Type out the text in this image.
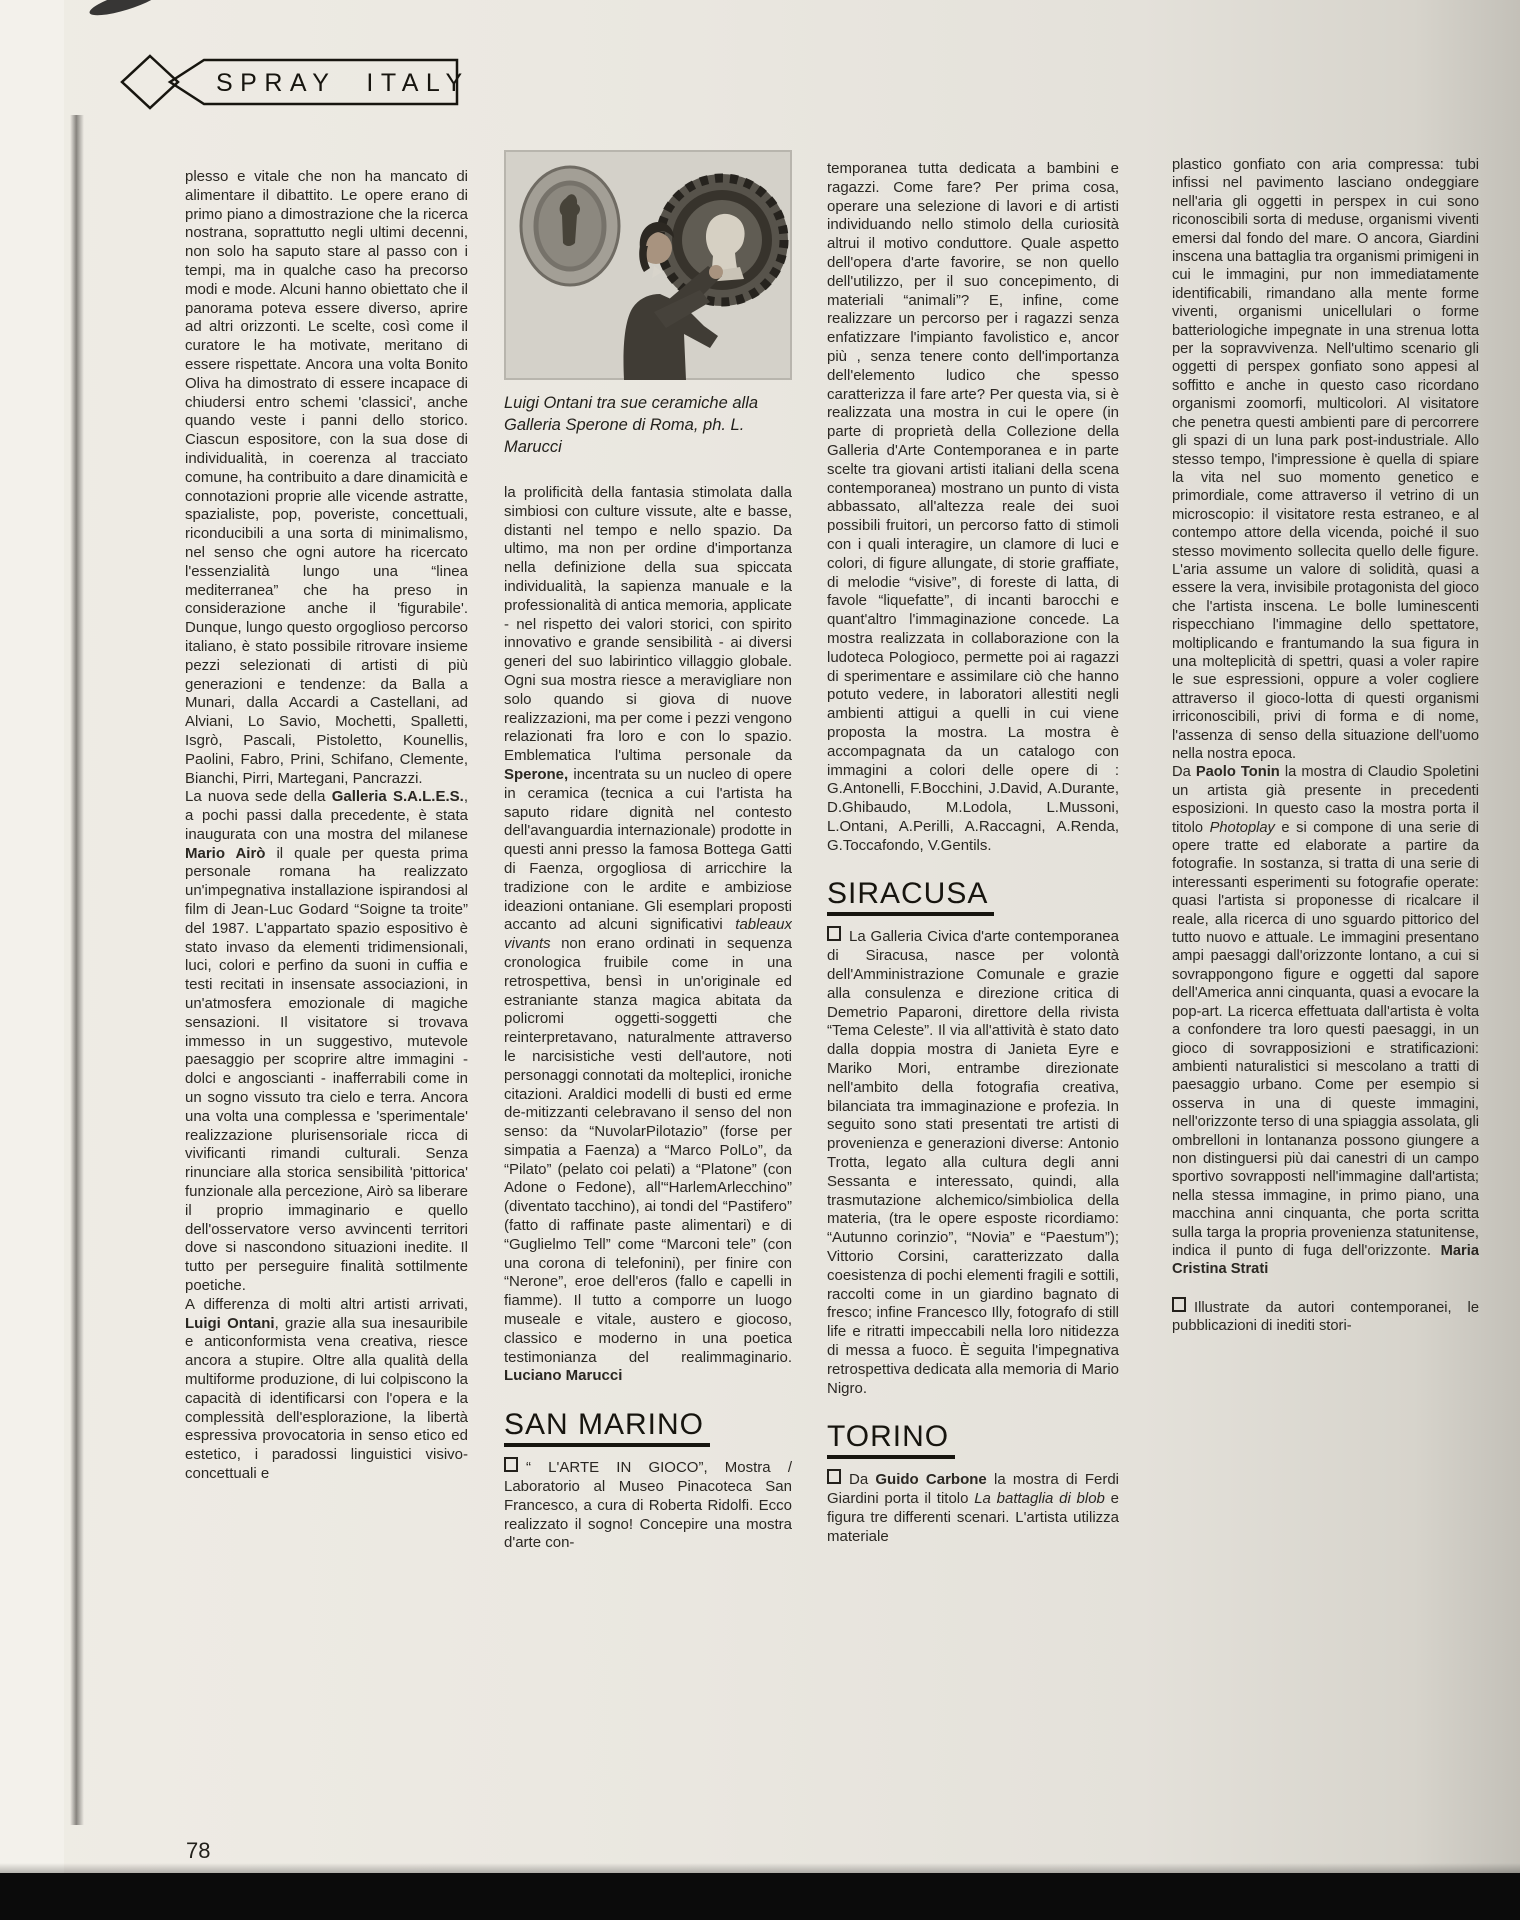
SPRAY ITALY

plesso e vitale che non ha mancato di alimentare il dibattito. Le opere erano di primo piano a dimostrazione che la ricerca nostrana, soprattutto negli ultimi decenni, non solo ha saputo stare al passo con i tempi, ma in qualche caso ha precorso modi e mode. Alcuni hanno obiettato che il panorama poteva essere diverso, aprire ad altri orizzonti. Le scelte, così come il curatore le ha motivate, meritano di essere rispettate. Ancora una volta Bonito Oliva ha dimostrato di essere incapace di chiudersi entro schemi 'classici', anche quando veste i panni dello storico. Ciascun espositore, con la sua dose di individualità, in coerenza al tracciato comune, ha contribuito a dare dinamicità e connotazioni proprie alle vicende astratte, spazialiste, pop, poveriste, concettuali, riconducibili a una sorta di minimalismo, nel senso che ogni autore ha ricercato l'essenzialità lungo una “linea mediterranea” che ha preso in considerazione anche il 'figurabile'. Dunque, lungo questo orgoglioso percorso italiano, è stato possibile ritrovare insieme pezzi selezionati di artisti di più generazioni e tendenze: da Balla a Munari, dalla Accardi a Castellani, ad Alviani, Lo Savio, Mochetti, Spalletti, Isgrò, Pascali, Pistoletto, Kounellis, Paolini, Fabro, Prini, Schifano, Clemente, Bianchi, Pirri, Martegani, Pancrazzi.

La nuova sede della Galleria S.A.L.E.S., a pochi passi dalla precedente, è stata inaugurata con una mostra del milanese Mario Airò il quale per questa prima personale romana ha realizzato un'impegnativa installazione ispirandosi al film di Jean-Luc Godard “Soigne ta troite” del 1987. L'appartato spazio espositivo è stato invaso da elementi tridimensionali, luci, colori e perfino da suoni in cuffia e testi recitati in insensate associazioni, in un'atmosfera emozionale di magiche sensazioni. Il visitatore si trovava immesso in un suggestivo, mutevole paesaggio per scoprire altre immagini - dolci e angoscianti - inafferrabili come in un sogno vissuto tra cielo e terra. Ancora una volta una complessa e 'sperimentale' realizzazione plurisensoriale ricca di vivificanti rimandi culturali. Senza rinunciare alla storica sensibilità 'pittorica' funzionale alla percezione, Airò sa liberare il proprio immaginario e quello dell'osservatore verso avvincenti territori dove si nascondono situazioni inedite. Il tutto per perseguire finalità sottilmente poetiche.

A differenza di molti altri artisti arrivati, Luigi Ontani, grazie alla sua inesauribile e anticonformista vena creativa, riesce ancora a stupire. Oltre alla qualità della multiforme produzione, di lui colpiscono la capacità di identificarsi con l'opera e la complessità dell'esplorazione, la libertà espressiva provocatoria in senso etico ed estetico, i paradossi linguistici visivo-concettuali e

Luigi Ontani tra sue ceramiche alla Galleria Sperone di Roma, ph. L. Marucci

la prolificità della fantasia stimolata dalla simbiosi con culture vissute, alte e basse, distanti nel tempo e nello spazio. Da ultimo, ma non per ordine d'importanza nella definizione della sua spiccata individualità, la sapienza manuale e la professionalità di antica memoria, applicate - nel rispetto dei valori storici, con spirito innovativo e grande sensibilità - ai diversi generi del suo labirintico villaggio globale. Ogni sua mostra riesce a meravigliare non solo quando si giova di nuove realizzazioni, ma per come i pezzi vengono relazionati fra loro e con lo spazio. Emblematica l'ultima personale da Sperone, incentrata su un nucleo di opere in ceramica (tecnica a cui l'artista ha saputo ridare dignità nel contesto dell'avanguardia internazionale) prodotte in questi anni presso la famosa Bottega Gatti di Faenza, orgogliosa di arricchire la tradizione con le ardite e ambiziose ideazioni ontaniane. Gli esemplari proposti accanto ad alcuni significativi tableaux vivants non erano ordinati in sequenza cronologica fruibile come in una retrospettiva, bensì in un'originale ed estraniante stanza magica abitata da policromi oggetti-soggetti che reinterpretavano, naturalmente attraverso le narcisistiche vesti dell'autore, noti personaggi connotati da molteplici, ironiche citazioni. Araldici modelli di busti ed erme de-mitizzanti celebravano il senso del non senso: da “NuvolarPilotazio” (forse per simpatia a Faenza) a “Marco PolLo”, da “Pilato” (pelato coi pelati) a “Platone” (con Adone o Fedone), all'“HarlemArlecchino” (diventato tacchino), ai tondi del “Pastifero” (fatto di raffinate paste alimentari) e di “Guglielmo Tell” come “Marconi tele” (con una corona di telefonini), per finire con “Nerone”, eroe dell'eros (fallo e capelli in fiamme). Il tutto a comporre un luogo museale e vitale, austero e giocoso, classico e moderno in una poetica testimonianza del realimmaginario. Luciano Marucci

SAN MARINO

“ L'ARTE IN GIOCO”, Mostra / Laboratorio al Museo Pinacoteca San Francesco, a cura di Roberta Ridolfi. Ecco realizzato il sogno! Concepire una mostra d'arte con-

temporanea tutta dedicata a bambini e ragazzi. Come fare? Per prima cosa, operare una selezione di lavori e di artisti individuando nello stimolo della curiosità altrui il motivo conduttore. Quale aspetto dell'opera d'arte favorire, se non quello dell'utilizzo, per il suo concepimento, di materiali “animali”? E, infine, come realizzare un percorso per i ragazzi senza enfatizzare l'impianto favolistico e, ancor più , senza tenere conto dell'importanza dell'elemento ludico che spesso caratterizza il fare arte? Per questa via, si è realizzata una mostra in cui le opere (in parte di proprietà della Collezione della Galleria d'Arte Contemporanea e in parte scelte tra giovani artisti italiani della scena contemporanea) mostrano un punto di vista abbassato, all'altezza reale dei suoi possibili fruitori, un percorso fatto di stimoli con i quali interagire, un clamore di luci e colori, di figure allungate, di storie graffiate, di melodie “visive”, di foreste di latta, di favole “liquefatte”, di incanti barocchi e quant'altro l'immaginazione concede. La mostra realizzata in collaborazione con la ludoteca Pologioco, permette poi ai ragazzi di sperimentare e assimilare ciò che hanno potuto vedere, in laboratori allestiti negli ambienti attigui a quelli in cui viene proposta la mostra. La mostra è accompagnata da un catalogo con immagini a colori delle opere di : G.Antonelli, F.Bocchini, J.David, A.Durante, D.Ghibaudo, M.Lodola, L.Mussoni, L.Ontani, A.Perilli, A.Raccagni, A.Renda, G.Toccafondo, V.Gentils.

SIRACUSA

La Galleria Civica d'arte contemporanea di Siracusa, nasce per volontà dell'Amministrazione Comunale e grazie alla consulenza e direzione critica di Demetrio Paparoni, direttore della rivista “Tema Celeste”. Il via all'attività è stato dato dalla doppia mostra di Janieta Eyre e Mariko Mori, entrambe direzionate nell'ambito della fotografia creativa, bilanciata tra immaginazione e profezia. In seguito sono stati presentati tre artisti di provenienza e generazioni diverse: Antonio Trotta, legato alla cultura degli anni Sessanta e interessato, quindi, alla trasmutazione alchemico/simbiolica della materia, (tra le opere esposte ricordiamo: “Autunno corinzio”, “Novia” e “Paestum”); Vittorio Corsini, caratterizzato dalla coesistenza di pochi elementi fragili e sottili, raccolti come in un giardino bagnato di fresco; infine Francesco Illy, fotografo di still life e ritratti impeccabili nella loro nitidezza di messa a fuoco. È seguita l'impegnativa retrospettiva dedicata alla memoria di Mario Nigro.

TORINO

Da Guido Carbone la mostra di Ferdi Giardini porta il titolo La battaglia di blob e figura tre differenti scenari. L'artista utilizza materiale

plastico gonfiato con aria compressa: tubi infissi nel pavimento lasciano ondeggiare nell'aria gli oggetti in perspex in cui sono riconoscibili sorta di meduse, organismi viventi emersi dal fondo del mare. O ancora, Giardini inscena una battaglia tra organismi primigeni in cui le immagini, pur non immediatamente identificabili, rimandano alla mente forme viventi, organismi unicellulari o forme batteriologiche impegnate in una strenua lotta per la sopravvivenza. Nell'ultimo scenario gli oggetti di perspex gonfiato sono appesi al soffitto e anche in questo caso ricordano organismi zoomorfi, multicolori. Al visitatore che penetra questi ambienti pare di percorrere gli spazi di un luna park post-industriale. Allo stesso tempo, l'impressione è quella di spiare la vita nel suo momento genetico e primordiale, come attraverso il vetrino di un microscopio: il visitatore resta estraneo, e al contempo attore della vicenda, poiché il suo stesso movimento sollecita quello delle figure. L'aria assume un valore di solidità, quasi a essere la vera, invisibile protagonista del gioco che l'artista inscena. Le bolle luminescenti rispecchiano l'immagine dello spettatore, moltiplicando e frantumando la sua figura in una molteplicità di spettri, quasi a voler rapire le sue espressioni, oppure a voler cogliere attraverso il gioco-lotta di questi organismi irriconoscibili, privi di forma e di nome, l'assenza di senso della situazione dell'uomo nella nostra epoca.

Da Paolo Tonin la mostra di Claudio Spoletini un artista già presente in precedenti esposizioni. In questo caso la mostra porta il titolo Photoplay e si compone di una serie di opere tratte ed elaborate a partire da fotografie. In sostanza, si tratta di una serie di interessanti esperimenti su fotografie operate: quasi l'artista si proponesse di ricalcare il reale, alla ricerca di uno sguardo pittorico del tutto nuovo e attuale. Le immagini presentano ampi paesaggi dall'orizzonte lontano, a cui si sovrappongono figure e oggetti dal sapore dell'America anni cinquanta, quasi a evocare la pop-art. La ricerca effettuata dall'artista è volta a confondere tra loro questi paesaggi, in un gioco di sovrapposizioni e stratificazioni: ambienti naturalistici si mescolano a tratti di paesaggio urbano. Come per esempio si osserva in una di queste immagini, nell'orizzonte terso di una spiaggia assolata, gli ombrelloni in lontananza possono giungere a non distinguersi più dai canestri di un campo sportivo sovrapposti nell'immagine dall'artista; nella stessa immagine, in primo piano, una macchina anni cinquanta, che porta scritta sulla targa la propria provenienza statunitense, indica il punto di fuga dell'orizzonte. Maria Cristina Strati

Illustrate da autori contemporanei, le pubblicazioni di inediti stori-

78
